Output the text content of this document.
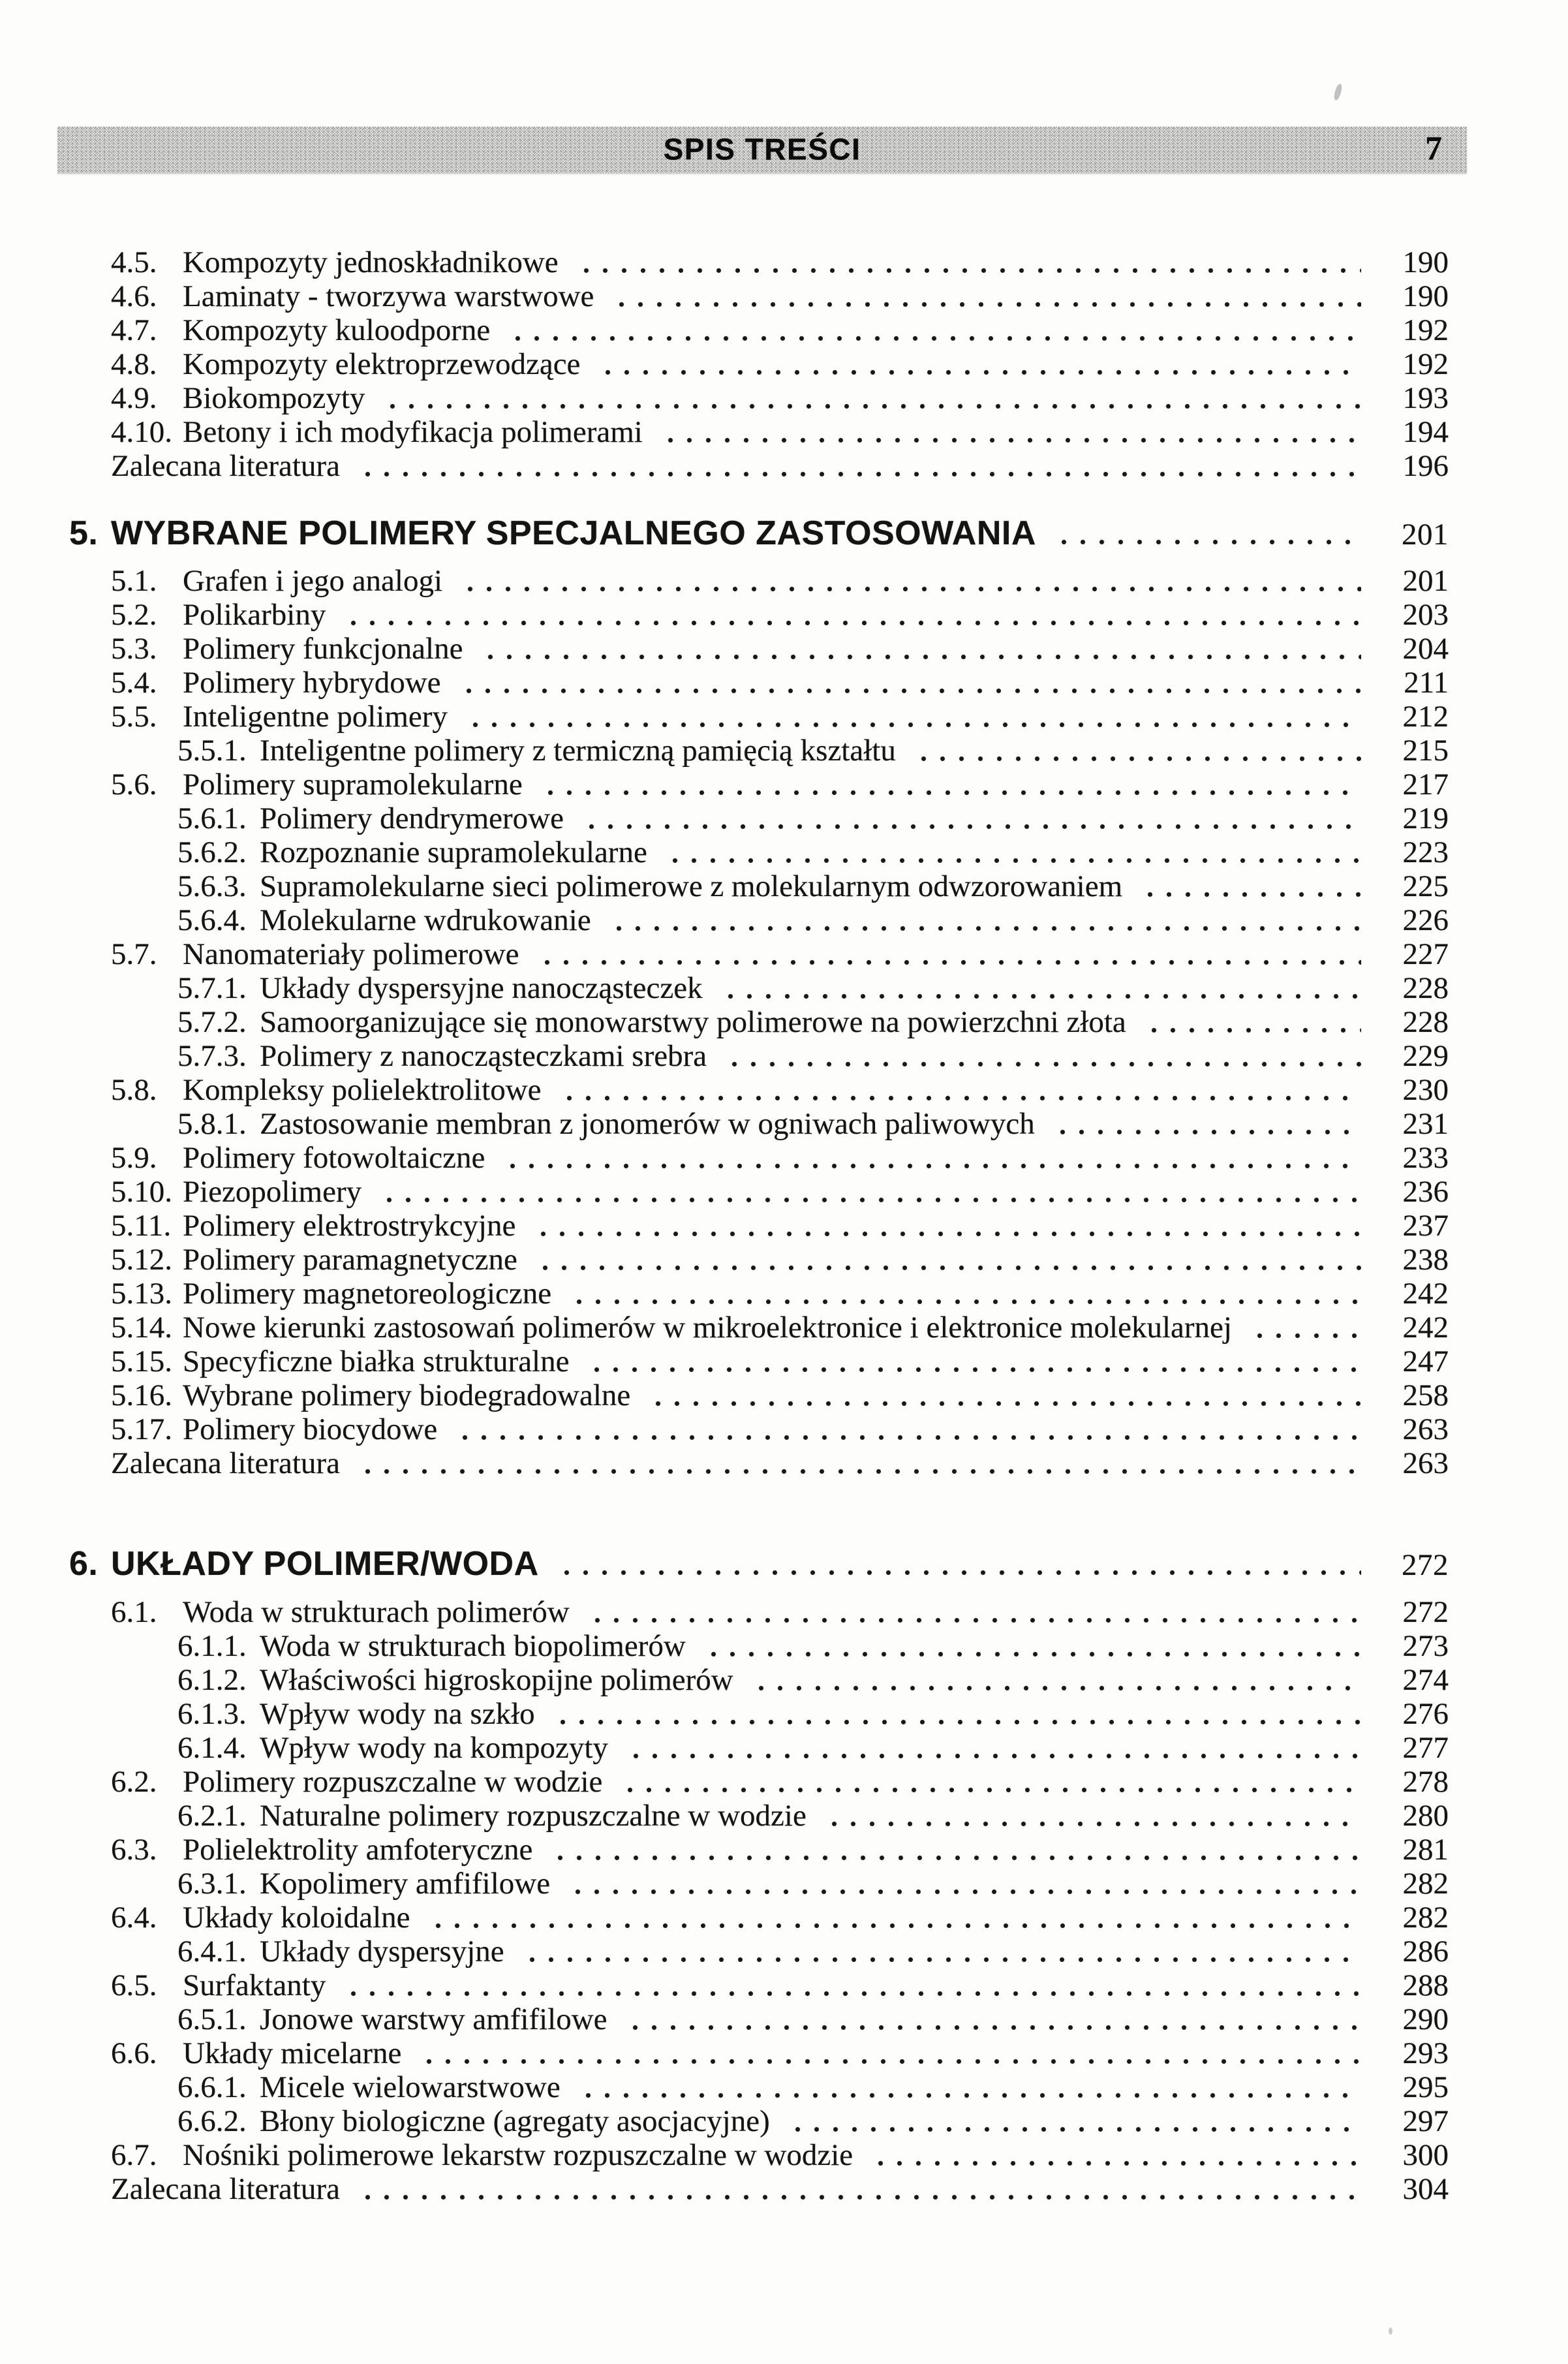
SPIS TREŚCI	7
4.5. Kompozyty jednoskładnikowe	190
4.6. Laminaty - tworzywa warstwowe	190
4.7. Kompozyty kuloodporne	192
4.8. Kompozyty elektroprzewodzące	192
4.9. Biokompozyty	193
4.10. Betony i ich modyfikacja polimerami	194
Zalecana literatura	196
5. WYBRANE POLIMERY SPECJALNEGO ZASTOSOWANIA	201
5.1. Grafen i jego analogi	201
5.2. Polikarbiny	203
5.3. Polimery funkcjonalne	204
5.4. Polimery hybrydowe	211
5.5. Inteligentne polimery	212
5.5.1. Inteligentne polimery z termiczną pamięcią kształtu	215
5.6. Polimery supramolekularne	217
5.6.1. Polimery dendrymerowe	219
5.6.2. Rozpoznanie supramolekularne	223
5.6.3. Supramolekularne sieci polimerowe z molekularnym odwzorowaniem	225
5.6.4. Molekularne wdrukowanie	226
5.7. Nanomateriały polimerowe	227
5.7.1. Układy dyspersyjne nanocząsteczek	228
5.7.2. Samoorganizujące się monowarstwy polimerowe na powierzchni złota	228
5.7.3. Polimery z nanocząsteczkami srebra	229
5.8. Kompleksy polielektrolitowe	230
5.8.1. Zastosowanie membran z jonomerów w ogniwach paliwowych	231
5.9. Polimery fotowoltaiczne	233
5.10. Piezopolimery	236
5.11. Polimery elektrostrykcyjne	237
5.12. Polimery paramagnetyczne	238
5.13. Polimery magnetoreologiczne	242
5.14. Nowe kierunki zastosowań polimerów w mikroelektronice i elektronice molekularnej	242
5.15. Specyficzne białka strukturalne	247
5.16. Wybrane polimery biodegradowalne	258
5.17. Polimery biocydowe	263
Zalecana literatura	263
6. UKŁADY POLIMER/WODA	272
6.1. Woda w strukturach polimerów	272
6.1.1. Woda w strukturach biopolimerów	273
6.1.2. Właściwości higroskopijne polimerów	274
6.1.3. Wpływ wody na szkło	276
6.1.4. Wpływ wody na kompozyty	277
6.2. Polimery rozpuszczalne w wodzie	278
6.2.1. Naturalne polimery rozpuszczalne w wodzie	280
6.3. Polielektrolity amfoteryczne	281
6.3.1. Kopolimery amfifilowe	282
6.4. Układy koloidalne	282
6.4.1. Układy dyspersyjne	286
6.5. Surfaktanty	288
6.5.1. Jonowe warstwy amfifilowe	290
6.6. Układy micelarne	293
6.6.1. Micele wielowarstwowe	295
6.6.2. Błony biologiczne (agregaty asocjacyjne)	297
6.7. Nośniki polimerowe lekarstw rozpuszczalne w wodzie	300
Zalecana literatura	304
